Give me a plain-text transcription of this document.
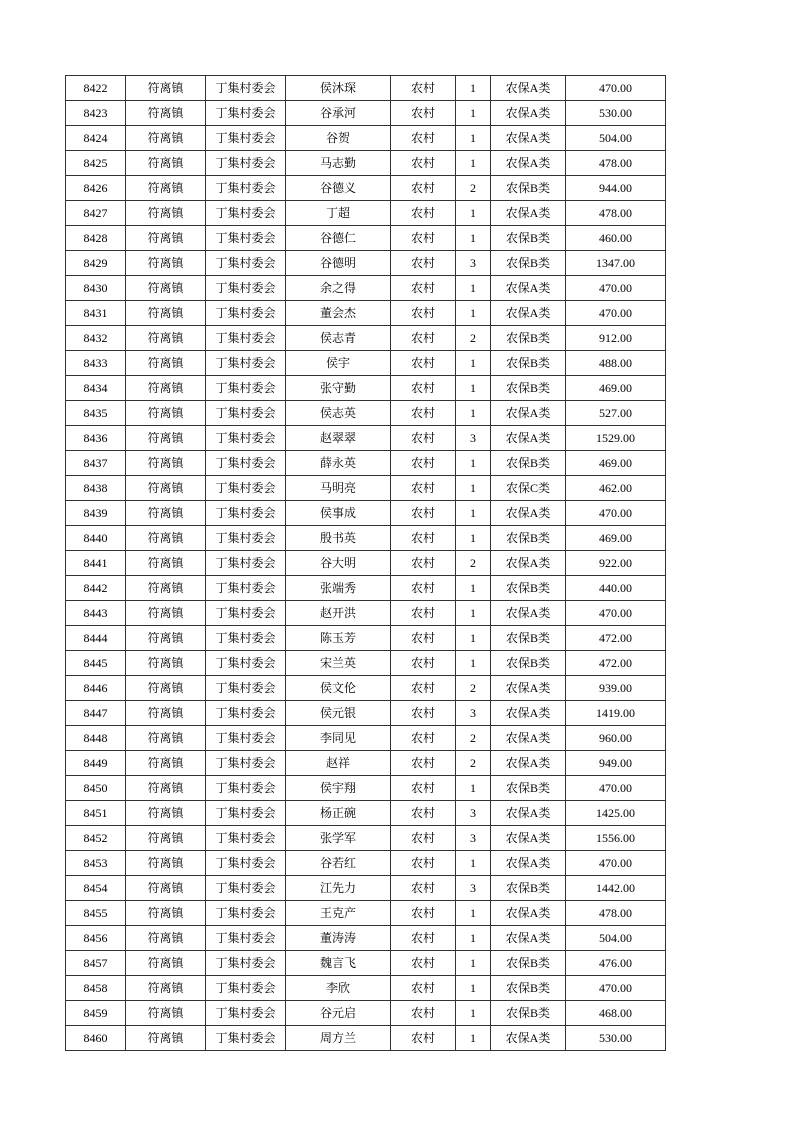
8422	符离镇	丁集村委会	侯沐琛	农村	1	农保A类	470.00
8423	符离镇	丁集村委会	谷承河	农村	1	农保A类	530.00
8424	符离镇	丁集村委会	谷贺	农村	1	农保A类	504.00
8425	符离镇	丁集村委会	马志勤	农村	1	农保A类	478.00
8426	符离镇	丁集村委会	谷德义	农村	2	农保B类	944.00
8427	符离镇	丁集村委会	丁超	农村	1	农保A类	478.00
8428	符离镇	丁集村委会	谷德仁	农村	1	农保B类	460.00
8429	符离镇	丁集村委会	谷德明	农村	3	农保B类	1347.00
8430	符离镇	丁集村委会	余之得	农村	1	农保A类	470.00
8431	符离镇	丁集村委会	董会杰	农村	1	农保A类	470.00
8432	符离镇	丁集村委会	侯志青	农村	2	农保B类	912.00
8433	符离镇	丁集村委会	侯宇	农村	1	农保B类	488.00
8434	符离镇	丁集村委会	张守勤	农村	1	农保B类	469.00
8435	符离镇	丁集村委会	侯志英	农村	1	农保A类	527.00
8436	符离镇	丁集村委会	赵翠翠	农村	3	农保A类	1529.00
8437	符离镇	丁集村委会	薛永英	农村	1	农保B类	469.00
8438	符离镇	丁集村委会	马明亮	农村	1	农保C类	462.00
8439	符离镇	丁集村委会	侯事成	农村	1	农保A类	470.00
8440	符离镇	丁集村委会	殷书英	农村	1	农保B类	469.00
8441	符离镇	丁集村委会	谷大明	农村	2	农保A类	922.00
8442	符离镇	丁集村委会	张端秀	农村	1	农保B类	440.00
8443	符离镇	丁集村委会	赵开洪	农村	1	农保A类	470.00
8444	符离镇	丁集村委会	陈玉芳	农村	1	农保B类	472.00
8445	符离镇	丁集村委会	宋兰英	农村	1	农保B类	472.00
8446	符离镇	丁集村委会	侯文伦	农村	2	农保A类	939.00
8447	符离镇	丁集村委会	侯元银	农村	3	农保A类	1419.00
8448	符离镇	丁集村委会	李同见	农村	2	农保A类	960.00
8449	符离镇	丁集村委会	赵祥	农村	2	农保A类	949.00
8450	符离镇	丁集村委会	侯宇翔	农村	1	农保B类	470.00
8451	符离镇	丁集村委会	杨正碗	农村	3	农保A类	1425.00
8452	符离镇	丁集村委会	张学军	农村	3	农保A类	1556.00
8453	符离镇	丁集村委会	谷若红	农村	1	农保A类	470.00
8454	符离镇	丁集村委会	江先力	农村	3	农保B类	1442.00
8455	符离镇	丁集村委会	王克产	农村	1	农保A类	478.00
8456	符离镇	丁集村委会	董涛涛	农村	1	农保A类	504.00
8457	符离镇	丁集村委会	魏言飞	农村	1	农保B类	476.00
8458	符离镇	丁集村委会	李欣	农村	1	农保B类	470.00
8459	符离镇	丁集村委会	谷元启	农村	1	农保B类	468.00
8460	符离镇	丁集村委会	周方兰	农村	1	农保A类	530.00
